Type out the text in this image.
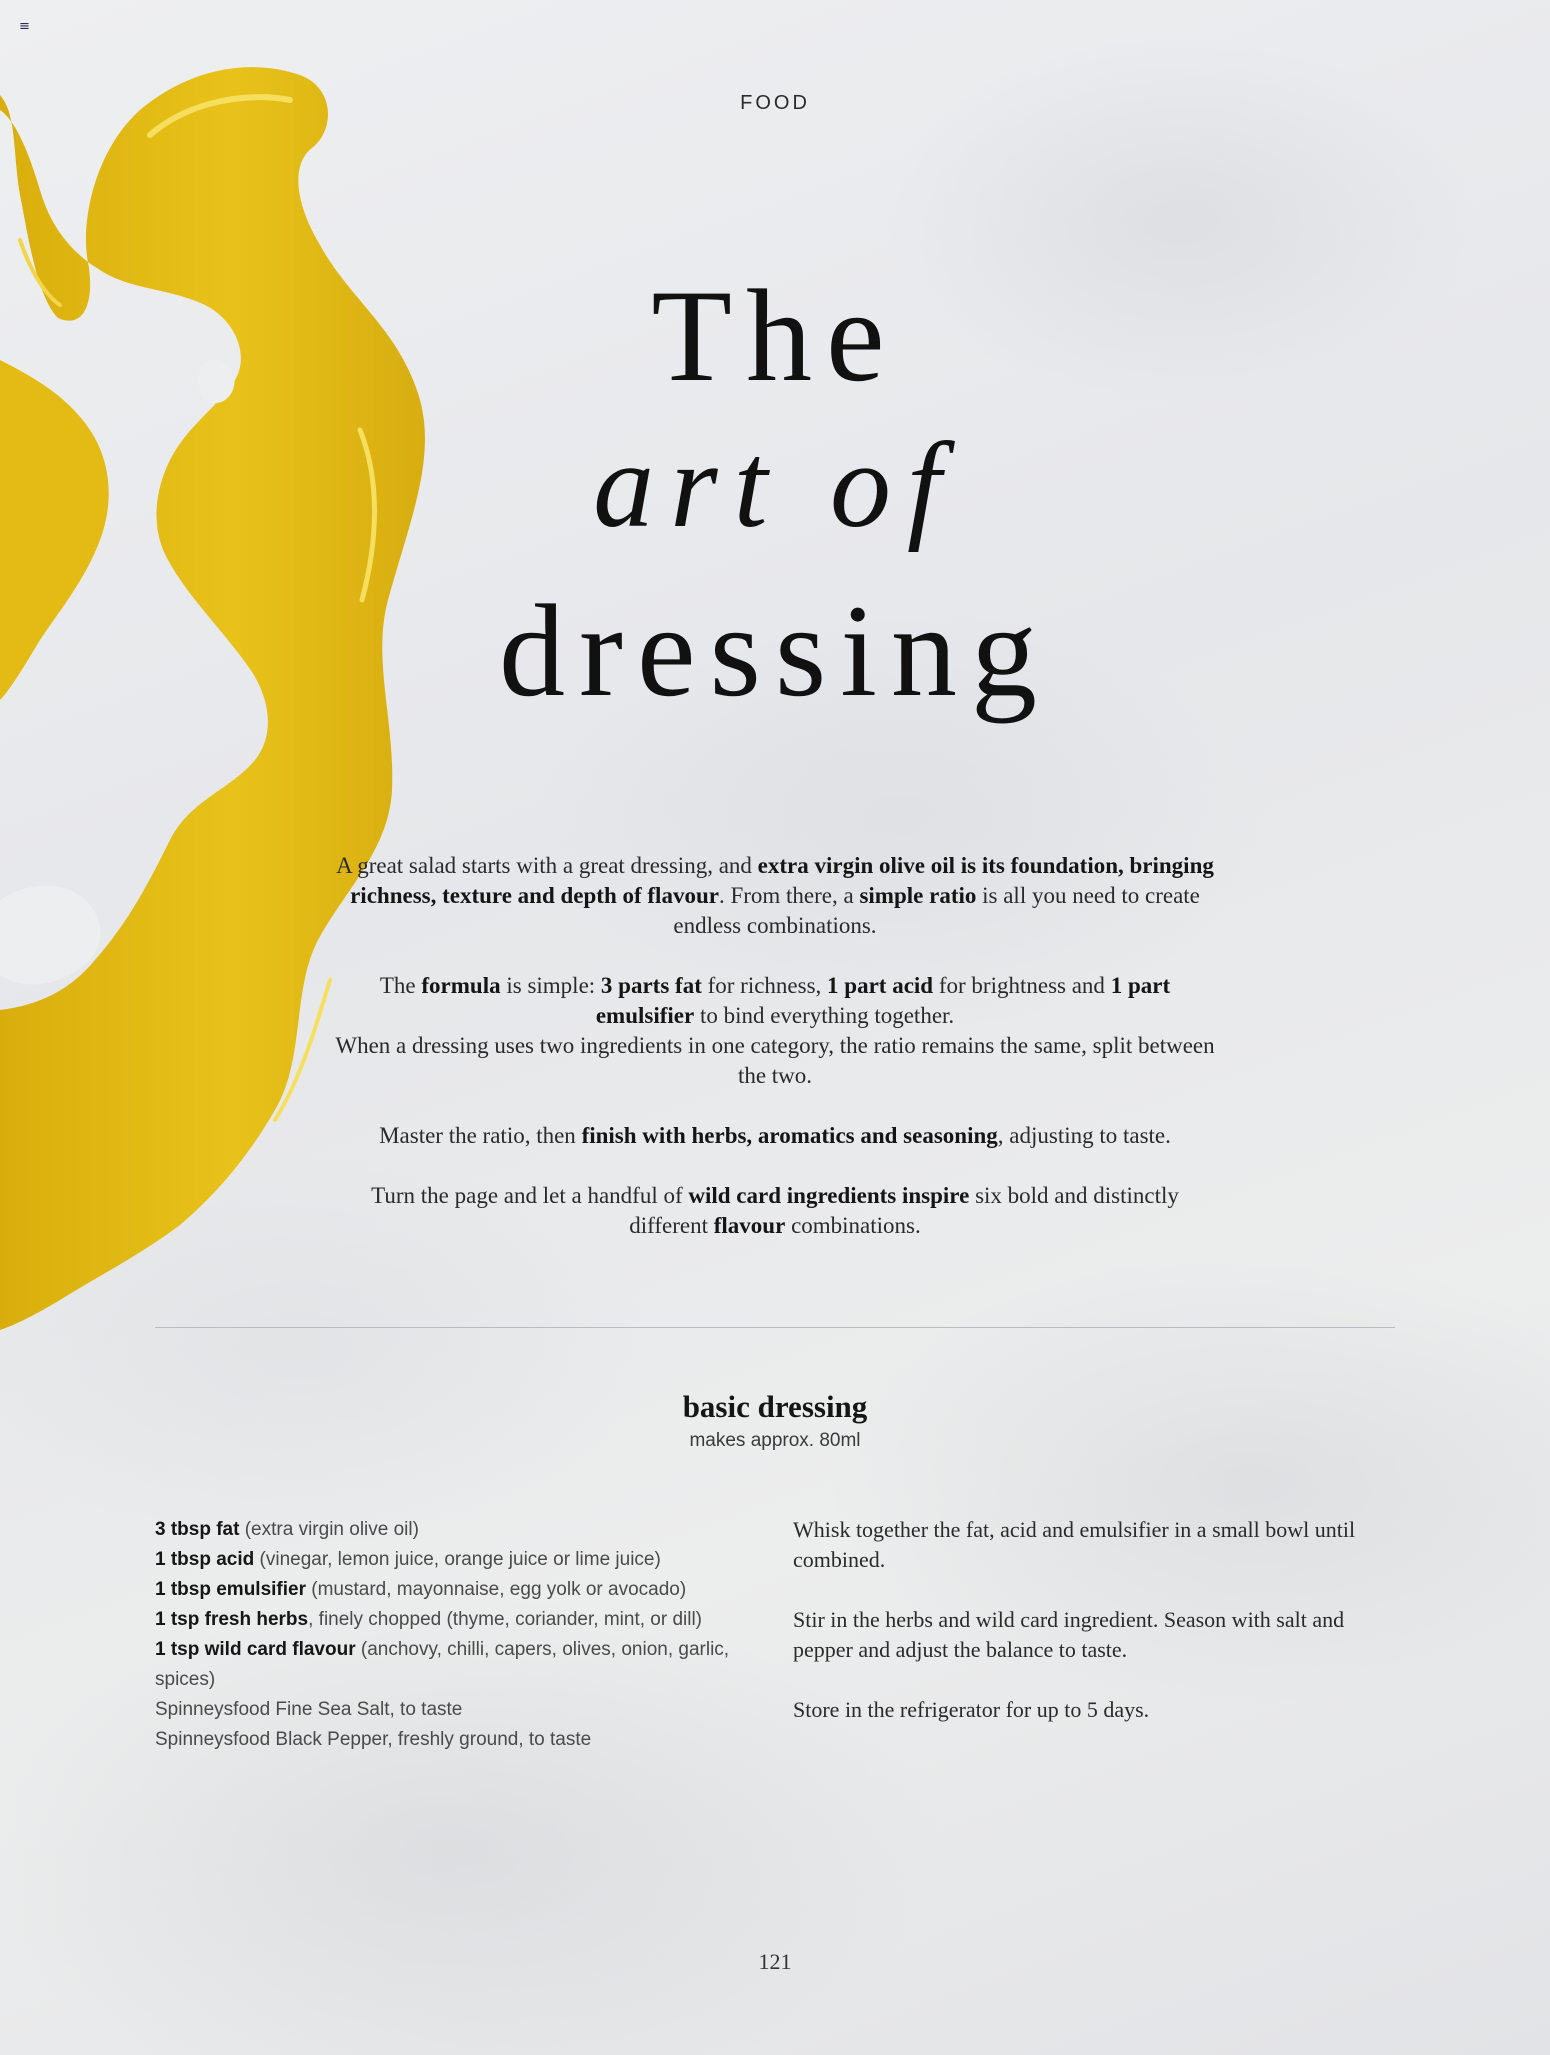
≡
FOOD
The
art of
dressing

A great salad starts with a great dressing, and extra virgin olive oil is its foundation, bringing richness, texture and depth of flavour. From there, a simple ratio is all you need to create endless combinations.

The formula is simple: 3 parts fat for richness, 1 part acid for brightness and 1 part emulsifier to bind everything together.

When a dressing uses two ingredients in one category, the ratio remains the same, split between the two.

Master the ratio, then finish with herbs, aromatics and seasoning, adjusting to taste.

Turn the page and let a handful of wild card ingredients inspire six bold and distinctly different flavour combinations.

basic dressing
makes approx. 80ml
3 tbsp fat (extra virgin olive oil)
1 tbsp acid (vinegar, lemon juice, orange juice or lime juice)
1 tbsp emulsifier (mustard, mayonnaise, egg yolk or avocado)
1 tsp fresh herbs, finely chopped (thyme, coriander, mint, or dill)
1 tsp wild card flavour (anchovy, chilli, capers, olives, onion, garlic, spices)
Spinneysfood Fine Sea Salt, to taste
Spinneysfood Black Pepper, freshly ground, to taste

Whisk together the fat, acid and emulsifier in a small bowl until combined.

Stir in the herbs and wild card ingredient. Season with salt and pepper and adjust the balance to taste.

Store in the refrigerator for up to 5 days.

121
